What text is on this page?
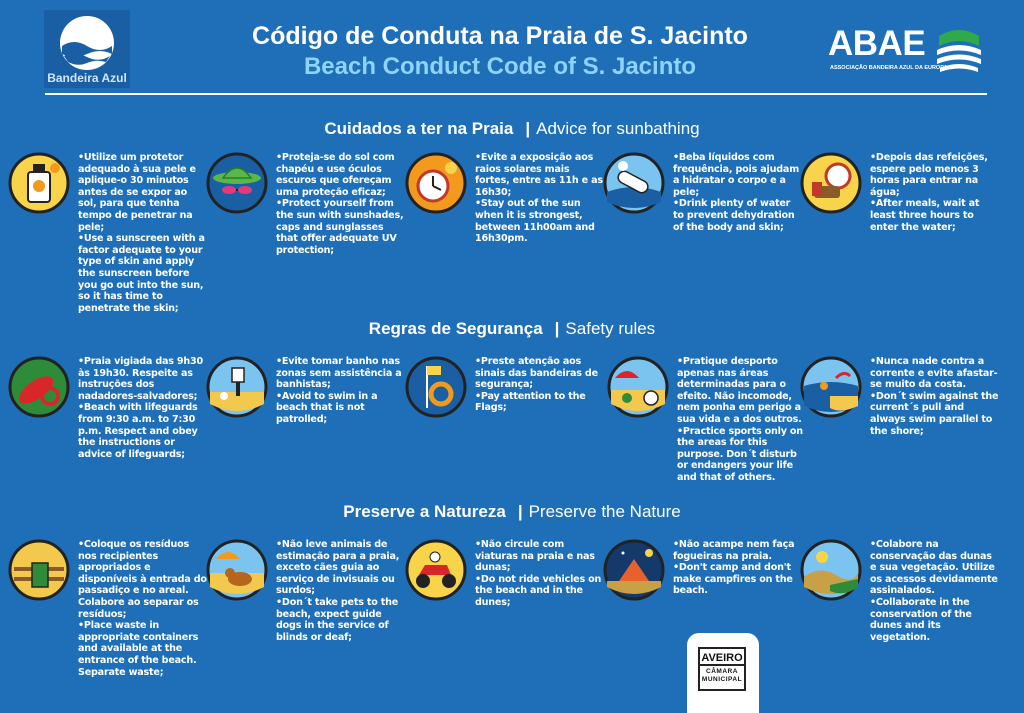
Bandeira Azul
Código de Conduta na Praia de S. Jacinto
Beach Conduct Code of S. Jacinto
ABAE
ASSOCIAÇÃO BANDEIRA AZUL DA EUROPA
Cuidados a ter na Praia | Advice for sunbathing

•Utilize um protetor adequado à sua pele e aplique-o 30 minutos antes de se expor ao sol, para que tenha tempo de penetrar na pele;

•Use a sunscreen with a factor adequate to your type of skin and apply the sunscreen before you go out into the sun, so it has time to penetrate the skin;

•Proteja-se do sol com chapéu e use óculos escuros que ofereçam uma proteção eficaz;

•Protect yourself from the sun with sunshades, caps and sunglasses that offer adequate UV protection;

•Evite a exposição aos raios solares mais fortes, entre as 11h e as 16h30;

•Stay out of the sun when it is strongest, between 11h00am and 16h30pm.

•Beba líquidos com frequência, pois ajudam a hidratar o corpo e a pele;

•Drink plenty of water to prevent dehydration of the body and skin;

•Depois das refeições, espere pelo menos 3 horas para entrar na água;

•After meals, wait at least three hours to enter the water;

Regras de Segurança | Safety rules

•Praia vigiada das 9h30 às 19h30. Respeite as instruções dos nadadores-salvadores;

•Beach with lifeguards from 9:30 a.m. to 7:30 p.m. Respect and obey the instructions or advice of lifeguards;

•Evite tomar banho nas zonas sem assistência a banhistas;

•Avoid to swim in a beach that is not patrolled;

•Preste atenção aos sinais das bandeiras de segurança;

•Pay attention to the Flags;

•Pratique desporto apenas nas áreas determinadas para o efeito. Não incomode, nem ponha em perigo a sua vida e a dos outros.

•Practice sports only on the areas for this purpose. Don´t disturb or endangers your life and that of others.

•Nunca nade contra a corrente e evite afastar-se muito da costa.

•Don´t swim against the current´s pull and always swim parallel to the shore;

Preserve a Natureza | Preserve the Nature

•Coloque os resíduos nos recipientes apropriados e disponíveis à entrada do passadiço e no areal. Colabore ao separar os resíduos;

•Place waste in appropriate containers and available at the entrance of the beach. Separate waste;

•Não leve animais de estimação para a praia, exceto cães guia ao serviço de invisuais ou surdos;

•Don´t take pets to the beach, expect guide dogs in the service of blinds or deaf;

•Não circule com viaturas na praia e nas dunas;

•Do not ride vehicles on the beach and in the dunes;

•Não acampe nem faça fogueiras na praia.

•Don't camp and don't make campfires on the beach.

•Colabore na conservação das dunas e sua vegetação. Utilize os acessos devidamente assinalados.

•Collaborate in the conservation of the dunes and its vegetation.

AVEIRO
CÂMARA MUNICIPAL
